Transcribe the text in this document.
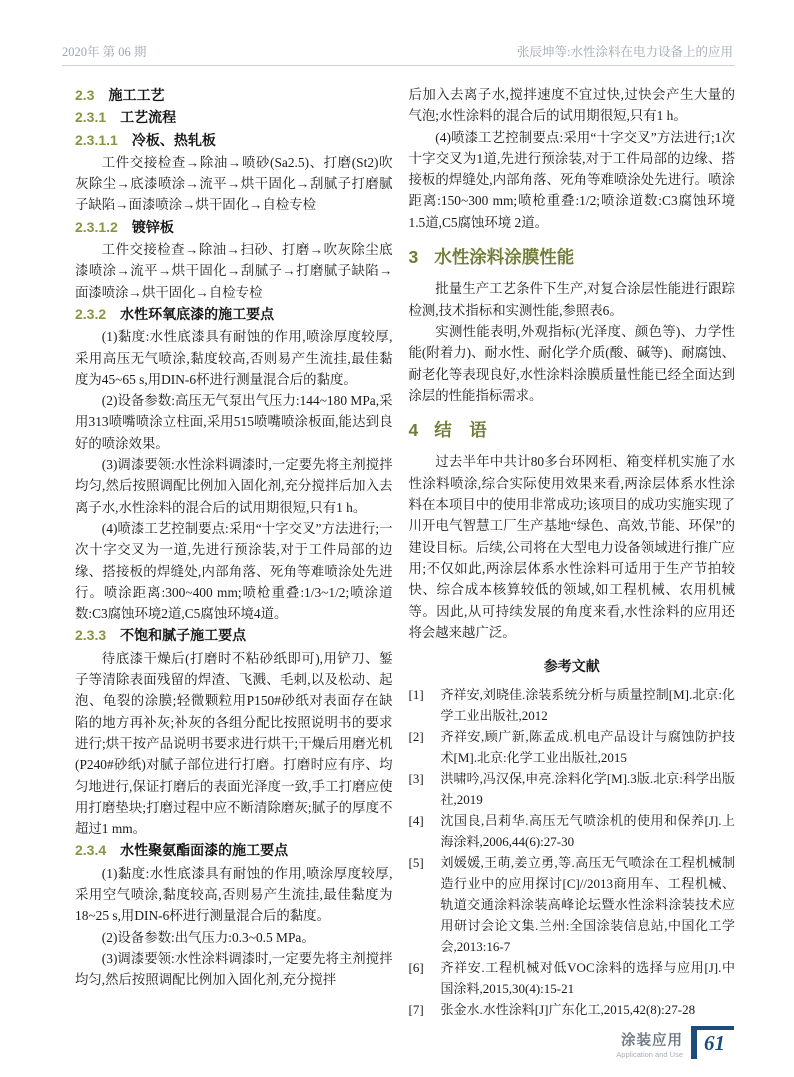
2020年 第 06 期	张辰坤等:水性涂料在电力设备上的应用
2.3 施工工艺
2.3.1 工艺流程
2.3.1.1 冷板、热轧板

工件交接检查→除油→喷砂(Sa2.5)、打磨(St2)吹灰除尘→底漆喷涂→流平→烘干固化→刮腻子打磨腻子缺陷→面漆喷涂→烘干固化→自检专检

2.3.1.2 镀锌板

工件交接检查→除油→扫砂、打磨→吹灰除尘底漆喷涂→流平→烘干固化→刮腻子→打磨腻子缺陷→面漆喷涂→烘干固化→自检专检

2.3.2 水性环氧底漆的施工要点

(1)黏度:水性底漆具有耐蚀的作用,喷涂厚度较厚,采用高压无气喷涂,黏度较高,否则易产生流挂,最佳黏度为45~65 s,用DIN-6杯进行测量混合后的黏度。

(2)设备参数:高压无气泵出气压力:144~180 MPa,采用313喷嘴喷涂立柱面,采用515喷嘴喷涂板面,能达到良好的喷涂效果。

(3)调漆要领:水性涂料调漆时,一定要先将主剂搅拌均匀,然后按照调配比例加入固化剂,充分搅拌后加入去离子水,水性涂料的混合后的试用期很短,只有1 h。

(4)喷漆工艺控制要点:采用“十字交叉”方法进行;一次十字交叉为一道,先进行预涂装,对于工件局部的边缘、搭接板的焊缝处,内部角落、死角等难喷涂处先进行。喷涂距离:300~400 mm;喷枪重叠:1/3~1/2;喷涂道数:C3腐蚀环境2道,C5腐蚀环境4道。

2.3.3 不饱和腻子施工要点

待底漆干燥后(打磨时不粘砂纸即可),用铲刀、錾子等清除表面残留的焊渣、飞溅、毛刺,以及松动、起泡、龟裂的涂膜;轻微颗粒用P150#砂纸对表面存在缺陷的地方再补灰;补灰的各组分配比按照说明书的要求进行;烘干按产品说明书要求进行烘干;干燥后用磨光机(P240#砂纸)对腻子部位进行打磨。打磨时应有序、均匀地进行,保证打磨后的表面光泽度一致,手工打磨应使用打磨垫块;打磨过程中应不断清除磨灰;腻子的厚度不超过1 mm。

2.3.4 水性聚氨酯面漆的施工要点

(1)黏度:水性底漆具有耐蚀的作用,喷涂厚度较厚,采用空气喷涂,黏度较高,否则易产生流挂,最佳黏度为18~25 s,用DIN-6杯进行测量混合后的黏度。

(2)设备参数:出气压力:0.3~0.5 MPa。

(3)调漆要领:水性涂料调漆时,一定要先将主剂搅拌均匀,然后按照调配比例加入固化剂,充分搅拌

后加入去离子水,搅拌速度不宜过快,过快会产生大量的气泡;水性涂料的混合后的试用期很短,只有1 h。

(4)喷漆工艺控制要点:采用“十字交叉”方法进行;1次十字交叉为1道,先进行预涂装,对于工件局部的边缘、搭接板的焊缝处,内部角落、死角等难喷涂处先进行。喷涂距离:150~300 mm;喷枪重叠:1/2;喷涂道数:C3腐蚀环境1.5道,C5腐蚀环境 2道。

3 水性涂料涂膜性能

批量生产工艺条件下生产,对复合涂层性能进行跟踪检测,技术指标和实测性能,参照表6。

实测性能表明,外观指标(光泽度、颜色等)、力学性能(附着力)、耐水性、耐化学介质(酸、碱等)、耐腐蚀、耐老化等表现良好,水性涂料涂膜质量性能已经全面达到涂层的性能指标需求。

4 结　语

过去半年中共计80多台环网柜、箱变样机实施了水性涂料喷涂,综合实际使用效果来看,两涂层体系水性涂料在本项目中的使用非常成功;该项目的成功实施实现了川开电气智慧工厂生产基地“绿色、高效,节能、环保”的建设目标。后续,公司将在大型电力设备领域进行推广应用;不仅如此,两涂层体系水性涂料可适用于生产节拍较快、综合成本核算较低的领域,如工程机械、农用机械等。因此,从可持续发展的角度来看,水性涂料的应用还将会越来越广泛。

参考文献
[1]	齐祥安,刘晓佳.涂装系统分析与质量控制[M].北京:化学工业出版社,2012
[2]	齐祥安,顾广新,陈孟成.机电产品设计与腐蚀防护技术[M].北京:化学工业出版社,2015
[3]	洪啸吟,冯汉保,申亮.涂料化学[M].3版.北京:科学出版社,2019
[4]	沈国良,吕莉华.高压无气喷涂机的使用和保养[J].上海涂料,2006,44(6):27-30
[5]	刘媛媛,王萌,姜立勇,等.高压无气喷涂在工程机械制造行业中的应用探讨[C]//2013商用车、工程机械、轨道交通涂料涂装高峰论坛暨水性涂料涂装技术应用研讨会论文集.兰州:全国涂装信息站,中国化工学会,2013:16-7
[6]	齐祥安.工程机械对低VOC涂料的选择与应用[J].中国涂料,2015,30(4):15-21
[7]	张金水.水性涂料[J]广东化工,2015,42(8):27-28
涂装应用
Application and Use	61
